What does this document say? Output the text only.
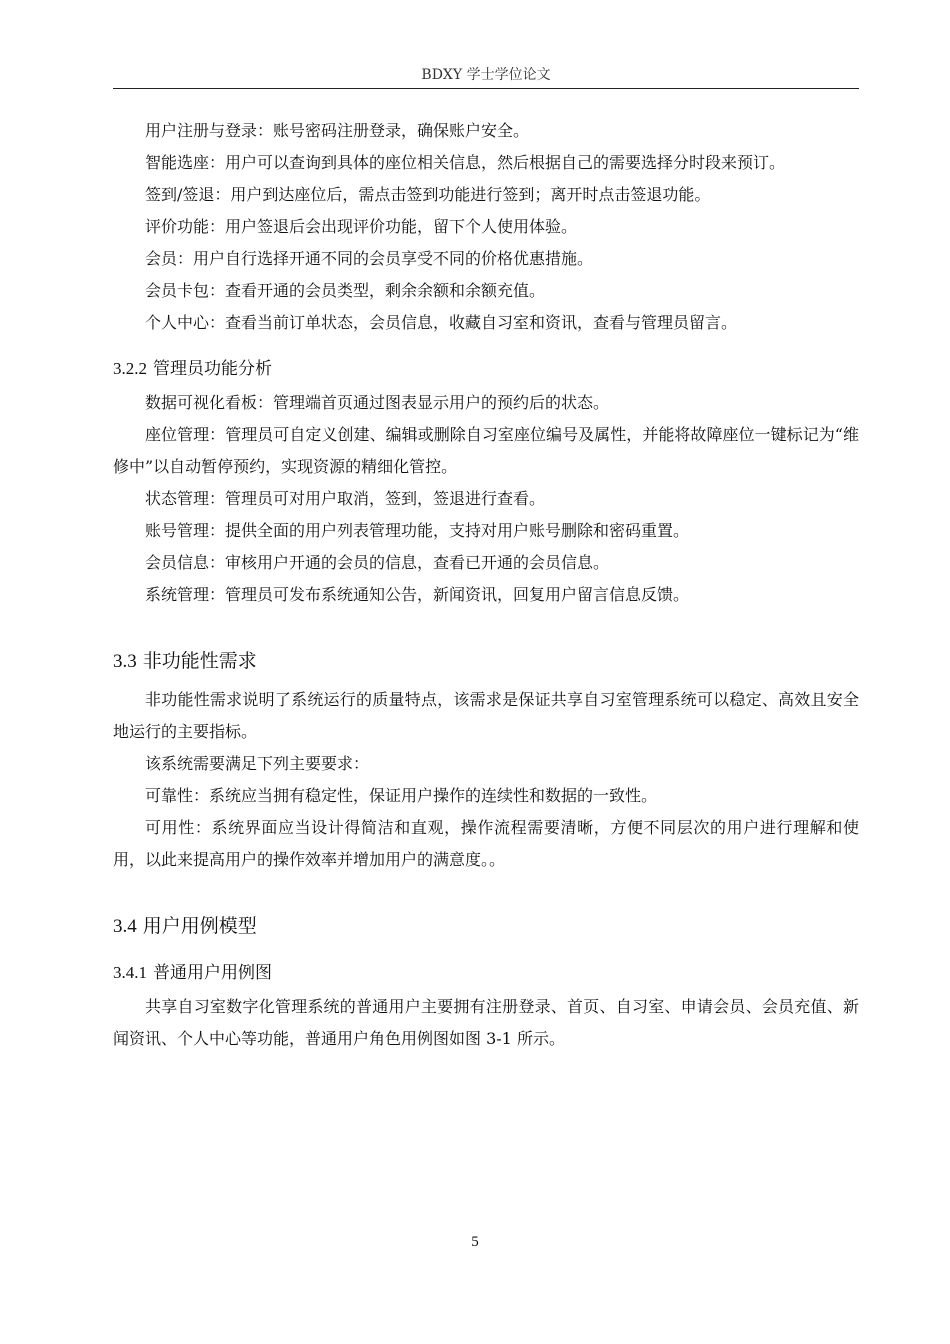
BDXY 学士学位论文

用户注册与登录：账号密码注册登录，确保账户安全。

智能选座：用户可以查询到具体的座位相关信息，然后根据自己的需要选择分时段来预订。

签到/签退：用户到达座位后，需点击签到功能进行签到；离开时点击签退功能。

评价功能：用户签退后会出现评价功能，留下个人使用体验。

会员：用户自行选择开通不同的会员享受不同的价格优惠措施。

会员卡包：查看开通的会员类型，剩余余额和余额充值。

个人中心：查看当前订单状态，会员信息，收藏自习室和资讯，查看与管理员留言。

3.2.2 管理员功能分析

数据可视化看板：管理端首页通过图表显示用户的预约后的状态。

座位管理：管理员可自定义创建、编辑或删除自习室座位编号及属性，并能将故障座位一键标记为“维修中”以自动暂停预约，实现资源的精细化管控。

状态管理：管理员可对用户取消，签到，签退进行查看。

账号管理：提供全面的用户列表管理功能，支持对用户账号删除和密码重置。

会员信息：审核用户开通的会员的信息，查看已开通的会员信息。

系统管理：管理员可发布系统通知公告，新闻资讯，回复用户留言信息反馈。

3.3 非功能性需求

非功能性需求说明了系统运行的质量特点，该需求是保证共享自习室管理系统可以稳定、高效且安全地运行的主要指标。

该系统需要满足下列主要要求：

可靠性：系统应当拥有稳定性，保证用户操作的连续性和数据的一致性。

可用性：系统界面应当设计得简洁和直观，操作流程需要清晰，方便不同层次的用户进行理解和使用，以此来提高用户的操作效率并增加用户的满意度。。

3.4 用户用例模型
3.4.1 普通用户用例图

共享自习室数字化管理系统的普通用户主要拥有注册登录、首页、自习室、申请会员、会员充值、新闻资讯、个人中心等功能，普通用户角色用例图如图 3-1 所示。

5
